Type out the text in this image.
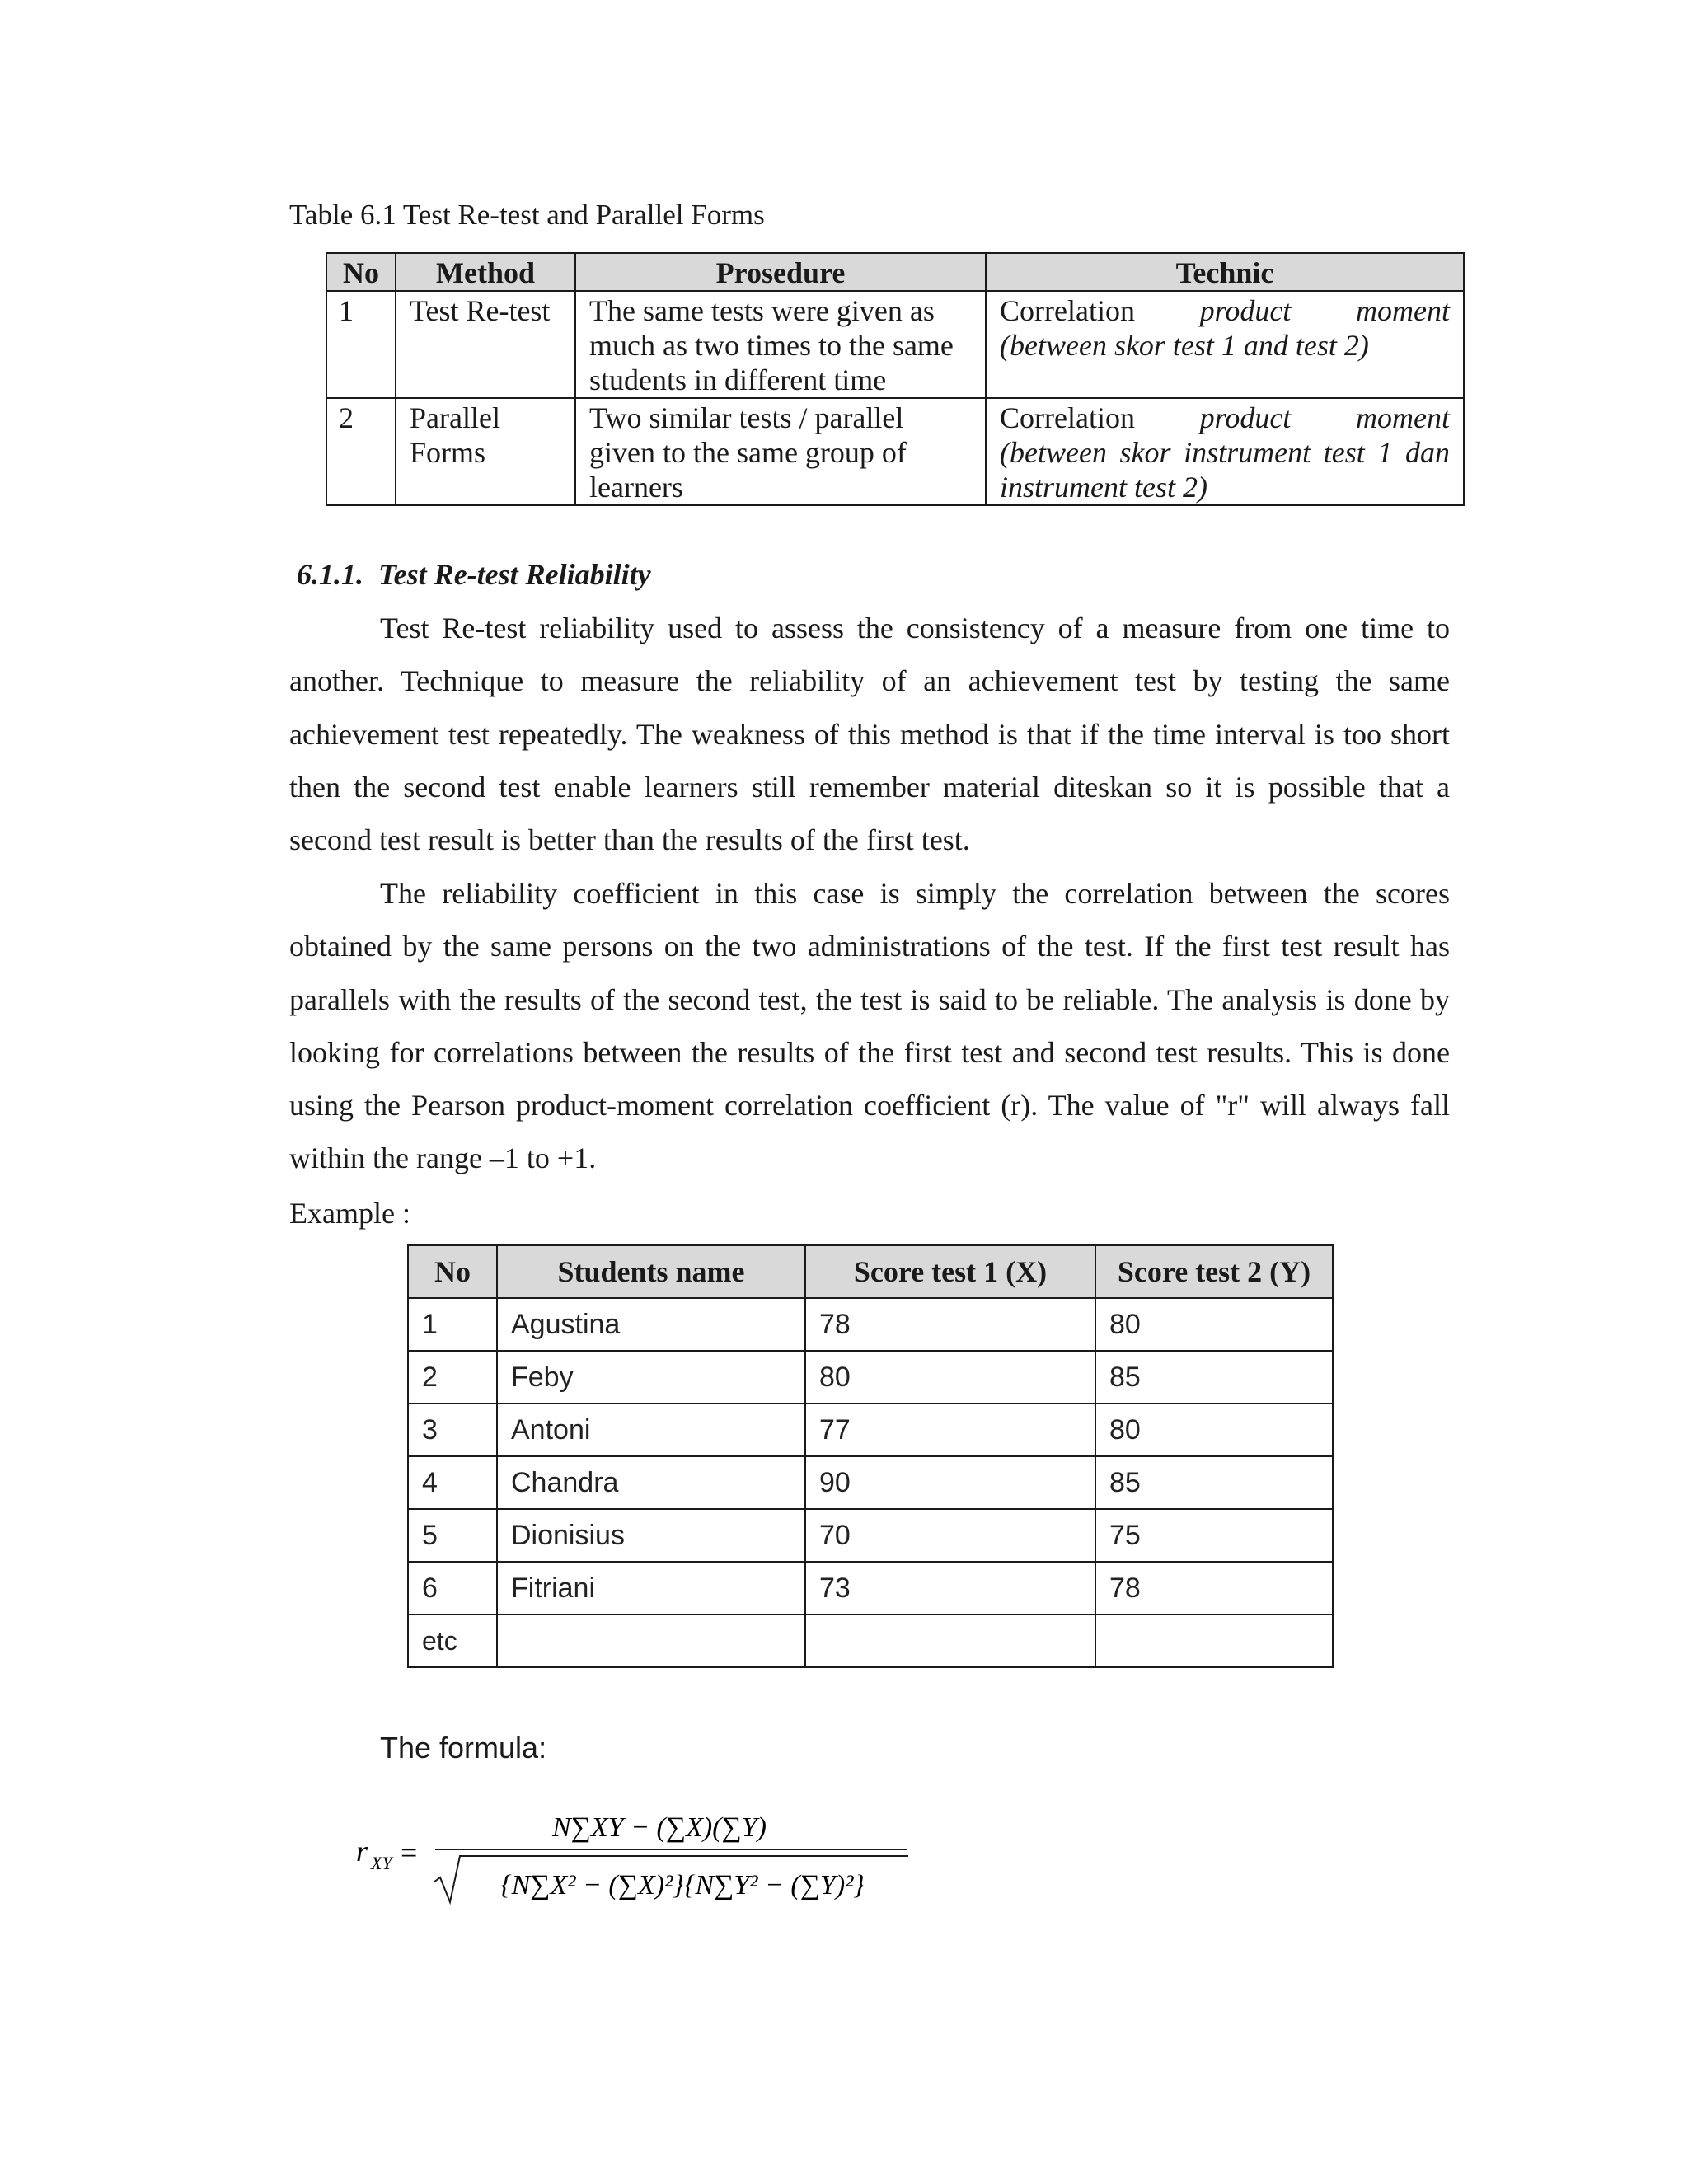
Table 6.1 Test Re-test and Parallel Forms
No	Method	Prosedure	Technic
1	Test Re-test	The same tests were given as much as two times to the same students in different time	Correlation product moment
(between skor test 1 and test 2)

2	Parallel Forms	Two similar tests / parallel given to the same group of learners	Correlation product moment
(between skor instrument test 1 dan instrument test 2)
6.1.1. Test Re-test Reliability
Test Re-test reliability used to assess the consistency of a measure from one time to another. Technique to measure the reliability of an achievement test by testing the same achievement test repeatedly. The weakness of this method is that if the time interval is too short then the second test enable learners still remember material diteskan so it is possible that a second test result is better than the results of the first test.
The reliability coefficient in this case is simply the correlation between the scores obtained by the same persons on the two administrations of the test. If the first test result has parallels with the results of the second test, the test is said to be reliable. The analysis is done by looking for correlations between the results of the first test and second test results. This is done using the Pearson product-moment correlation coefficient (r). The value of "r" will always fall within the range –1 to +1.
Example :
No	Students name	Score test 1 (X)	Score test 2 (Y)
1	Agustina	78	80
2	Feby	80	85
3	Antoni	77	80
4	Chandra	90	85
5	Dionisius	70	75
6	Fitriani	73	78
etc			
The formula:
r XY =
N∑XY − (∑X)(∑Y)
{N∑X² − (∑X)²}{N∑Y² − (∑Y)²}
